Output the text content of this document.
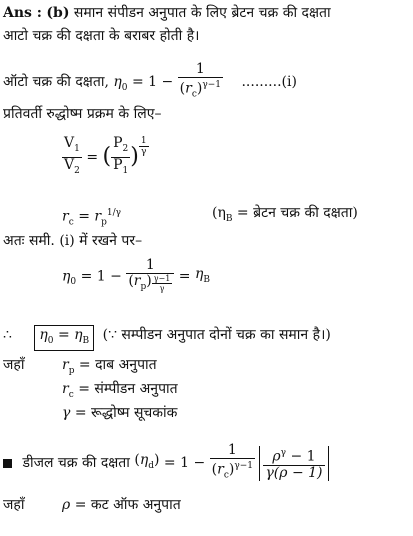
Ans : (b) समान संपीडन अनुपात के लिए ब्रेटन चक्र की दक्षता
आटो चक्र की दक्षता के बराबर होती है।
ऑटो चक्र की दक्षता, $\eta_0 = 1 - \frac{1}{(r_c)^{\gamma-1}} .........(i)$
प्रतिवर्ती रुद्धोष्म प्रक्रम के लिए–
$\frac{V_1}{V_2}$ = ( $\frac{P_2}{P_1}$ ) $\frac{1}{\gamma}$
$r_c = r_p^{1/\gamma}$	($\eta_B$ = ब्रेटन चक्र की दक्षता)
अतः समी. (i) में रखने पर–
$\eta_0 = 1 - \frac{1}{(r_p) \frac{\gamma-1}{\gamma}} = \eta_B$
∴ $\eta_0 = \eta_B$ (∵ सम्पीडन अनुपात दोनों चक्र का समान है।)
जहाँ	$r_p$ = दाब अनुपात
$r_c$ = संम्पीडन अनुपात
γ = रूद्धोष्म सूचकांक
डीजल चक्र की दक्षता $(\eta_d) = 1 - \frac{1}{(r_c)^{\gamma-1}}$
$\frac{\rho^\gamma - 1}{\gamma(\rho - 1)}$
जहाँ	ρ = कट ऑफ अनुपात
